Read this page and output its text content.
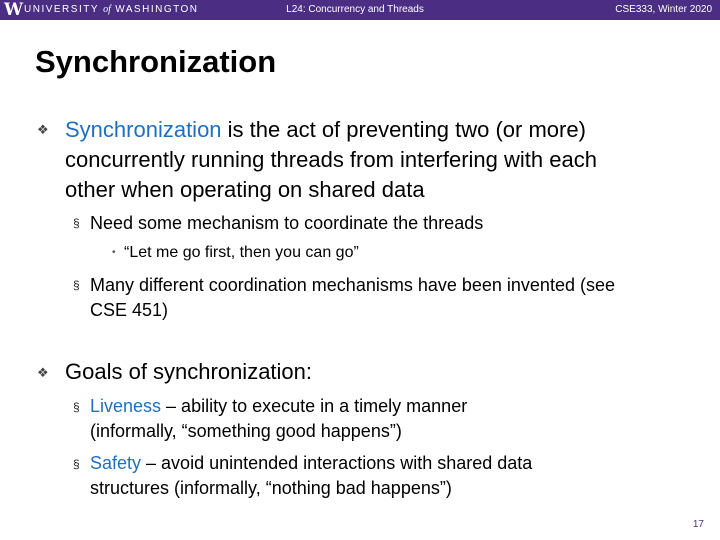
W UNIVERSITY of WASHINGTON	L24: Concurrency and Threads	CSE333, Winter 2020
Synchronization
❖ Synchronization is the act of preventing two (or more)
concurrently running threads from interfering with each
other when operating on shared data
§ Need some mechanism to coordinate the threads
• “Let me go first, then you can go”
§ Many different coordination mechanisms have been invented (see
CSE 451)
❖ Goals of synchronization:
§ Liveness – ability to execute in a timely manner
(informally, “something good happens”)
§ Safety – avoid unintended interactions with shared data
structures (informally, “nothing bad happens”)
17
